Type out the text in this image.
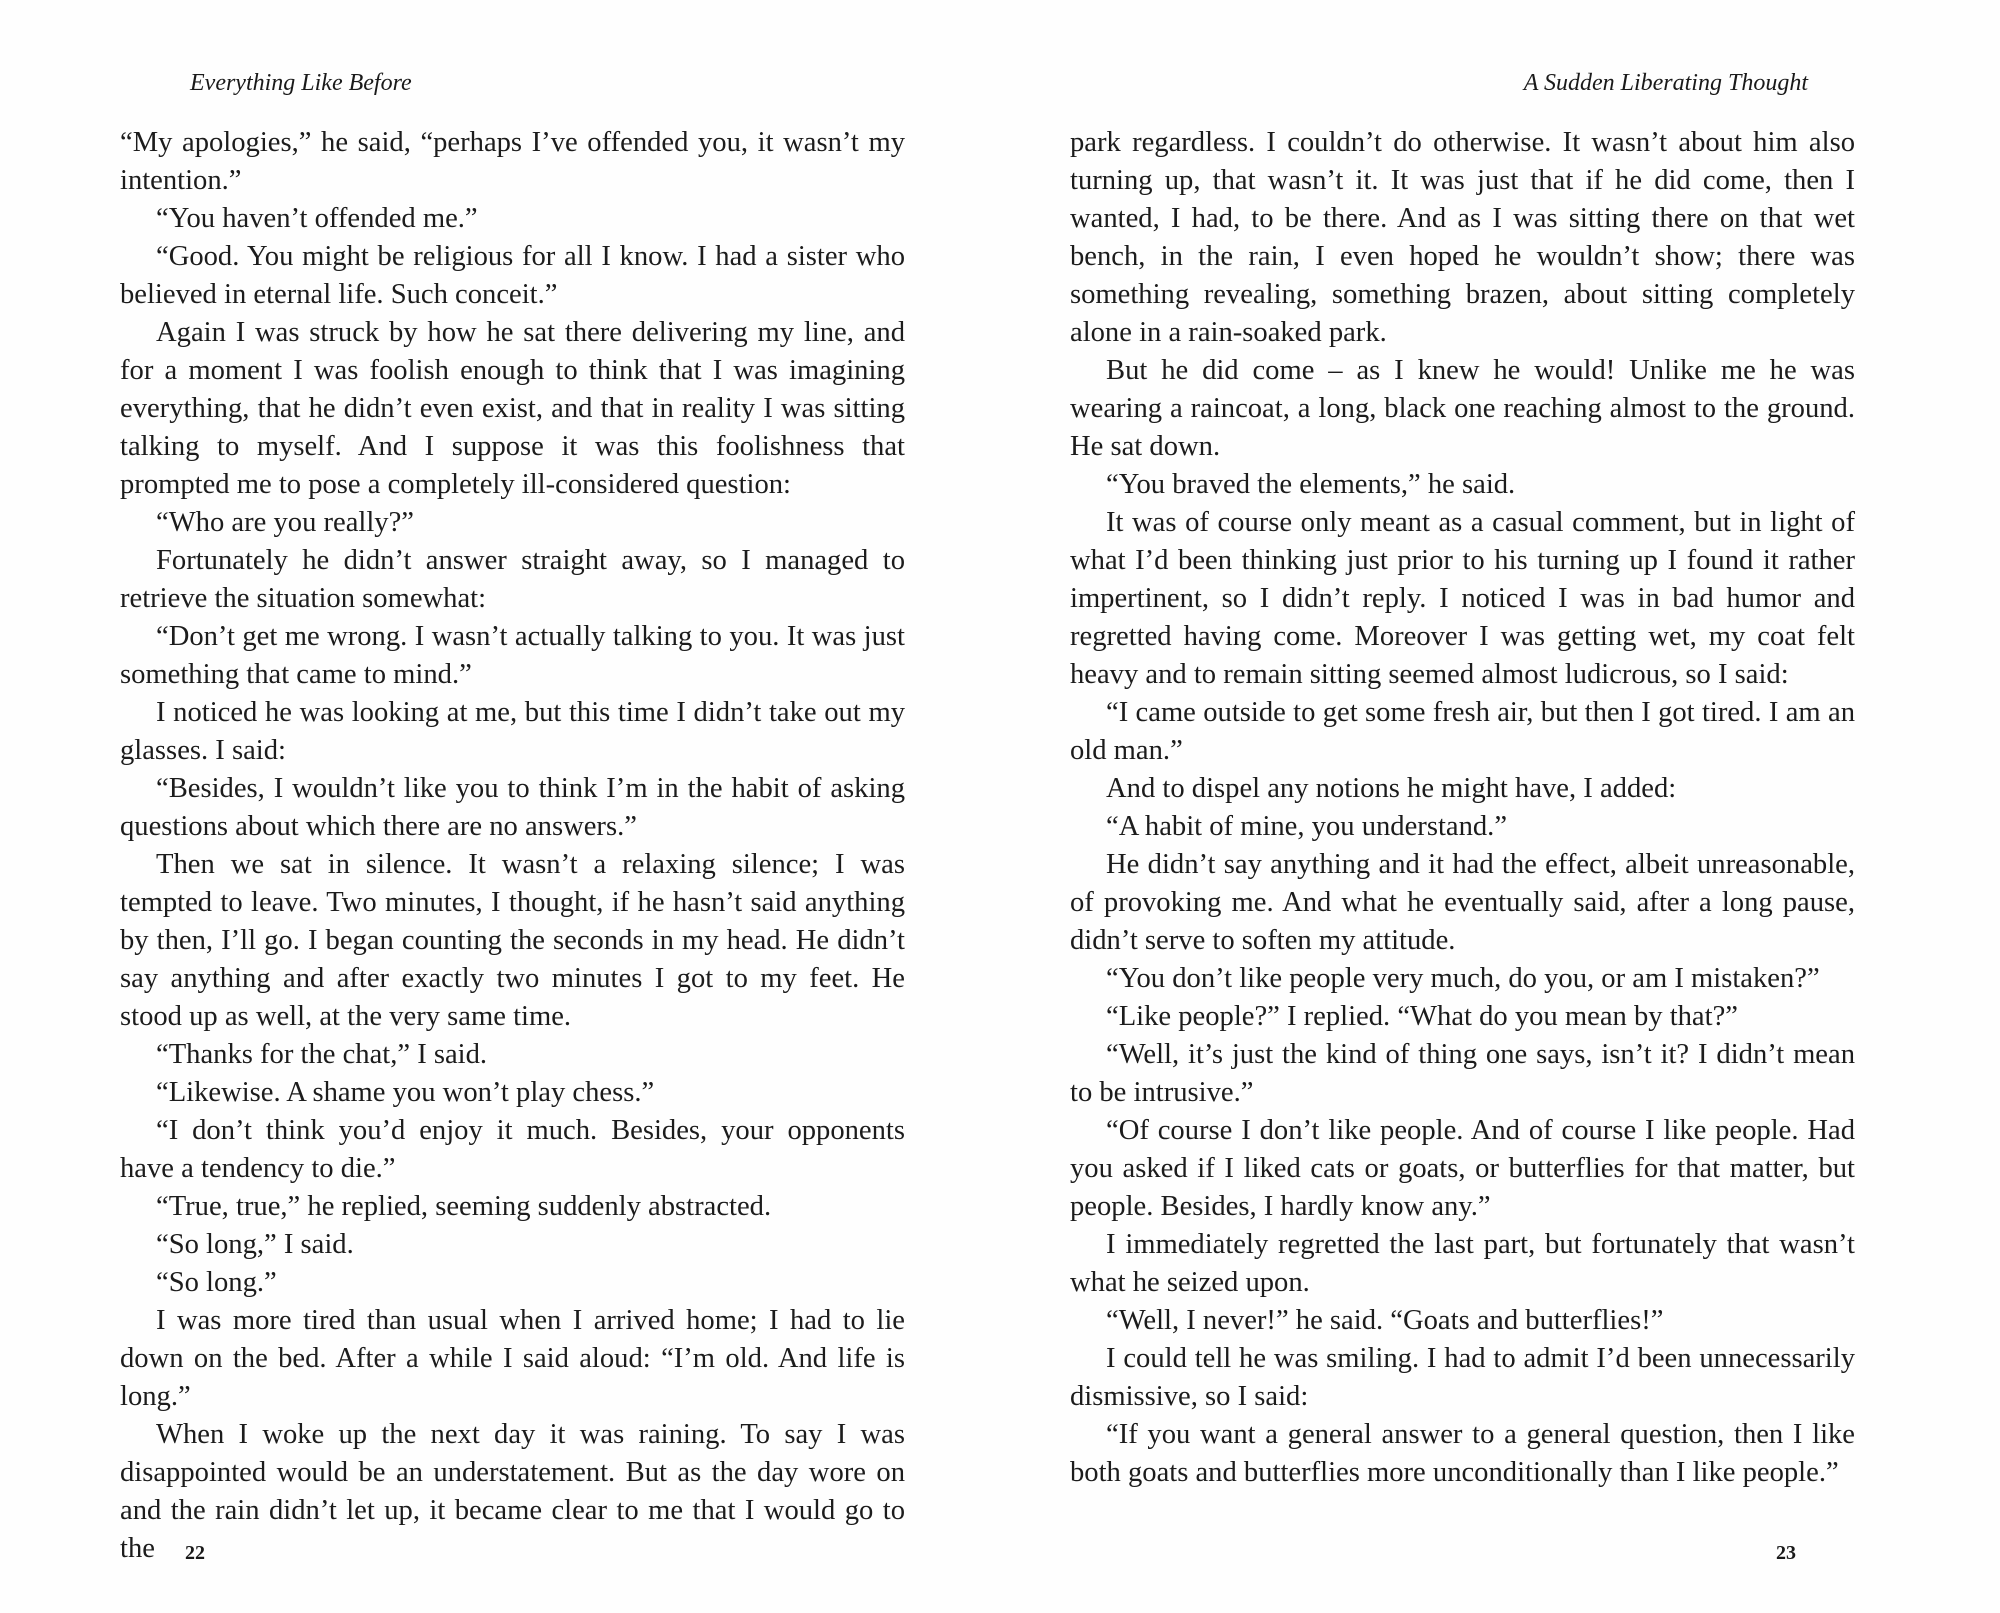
Everything Like Before

“My apologies,” he said, “perhaps I’ve offended you, it wasn’t my intention.”

“You haven’t offended me.”

“Good. You might be religious for all I know. I had a sister who believed in eternal life. Such conceit.”

Again I was struck by how he sat there delivering my line, and for a moment I was foolish enough to think that I was imagining everything, that he didn’t even exist, and that in reality I was sitting talking to myself. And I suppose it was this foolishness that prompted me to pose a completely ill-considered question:

“Who are you really?”

Fortunately he didn’t answer straight away, so I managed to retrieve the situation somewhat:

“Don’t get me wrong. I wasn’t actually talking to you. It was just something that came to mind.”

I noticed he was looking at me, but this time I didn’t take out my glasses. I said:

“Besides, I wouldn’t like you to think I’m in the habit of asking questions about which there are no answers.”

Then we sat in silence. It wasn’t a relaxing silence; I was tempted to leave. Two minutes, I thought, if he hasn’t said anything by then, I’ll go. I began counting the seconds in my head. He didn’t say anything and after exactly two minutes I got to my feet. He stood up as well, at the very same time.

“Thanks for the chat,” I said.

“Likewise. A shame you won’t play chess.”

“I don’t think you’d enjoy it much. Besides, your opponents have a tendency to die.”

“True, true,” he replied, seeming suddenly abstracted.

“So long,” I said.

“So long.”

I was more tired than usual when I arrived home; I had to lie down on the bed. After a while I said aloud: “I’m old. And life is long.”

When I woke up the next day it was raining. To say I was disappointed would be an understatement. But as the day wore on and the rain didn’t let up, it became clear to me that I would go to the	22
A Sudden Liberating Thought

park regardless. I couldn’t do otherwise. It wasn’t about him also turning up, that wasn’t it. It was just that if he did come, then I wanted, I had, to be there. And as I was sitting there on that wet bench, in the rain, I even hoped he wouldn’t show; there was something revealing, something brazen, about sitting completely alone in a rain-soaked park.

But he did come – as I knew he would! Unlike me he was wearing a raincoat, a long, black one reaching almost to the ground. He sat down.

“You braved the elements,” he said.

It was of course only meant as a casual comment, but in light of what I’d been thinking just prior to his turning up I found it rather impertinent, so I didn’t reply. I noticed I was in bad humor and regretted having come. Moreover I was getting wet, my coat felt heavy and to remain sitting seemed almost ludicrous, so I said:

“I came outside to get some fresh air, but then I got tired. I am an old man.”

And to dispel any notions he might have, I added:

“A habit of mine, you understand.”

He didn’t say anything and it had the effect, albeit unreasonable, of provoking me. And what he eventually said, after a long pause, didn’t serve to soften my attitude.

“You don’t like people very much, do you, or am I mistaken?”

“Like people?” I replied. “What do you mean by that?”

“Well, it’s just the kind of thing one says, isn’t it? I didn’t mean to be intrusive.”

“Of course I don’t like people. And of course I like people. Had you asked if I liked cats or goats, or butterflies for that matter, but people. Besides, I hardly know any.”

I immediately regretted the last part, but fortunately that wasn’t what he seized upon.

“Well, I never!” he said. “Goats and butterflies!”

I could tell he was smiling. I had to admit I’d been unnecessarily dismissive, so I said:

“If you want a general answer to a general question, then I like both goats and butterflies more unconditionally than I like people.”

23
